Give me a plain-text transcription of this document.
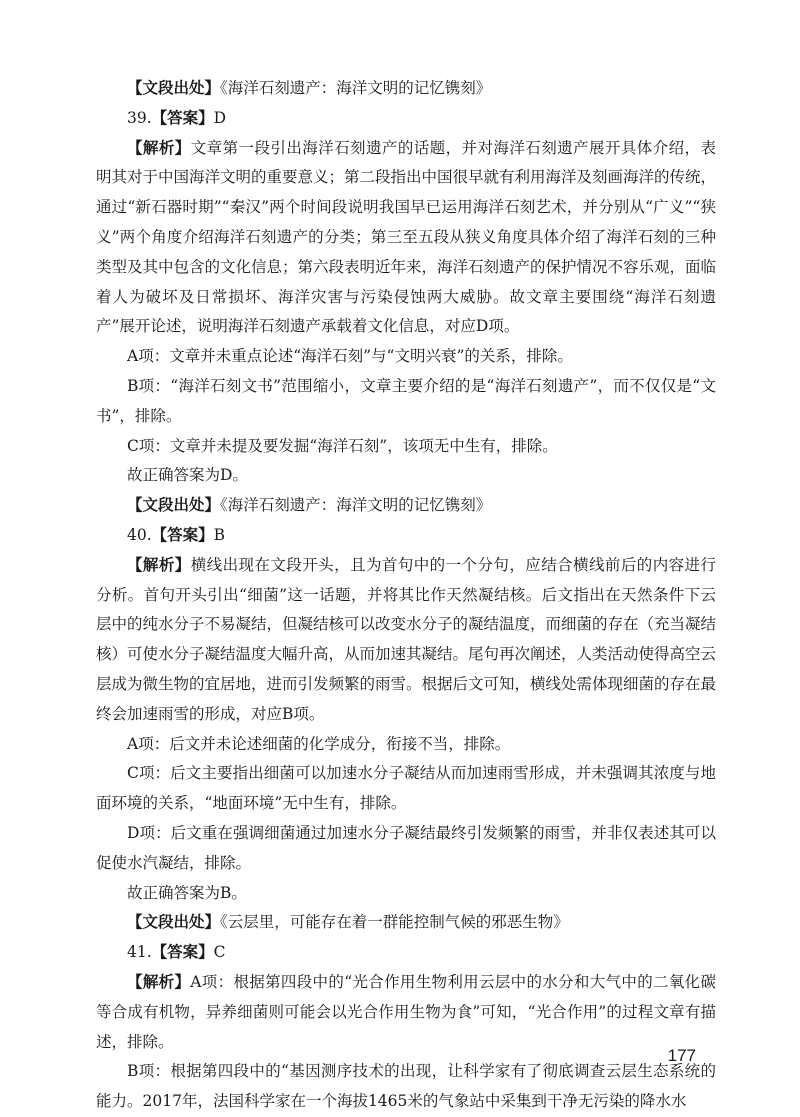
【文段出处】《海洋石刻遗产：海洋文明的记忆镌刻》

39.【答案】D

【解析】文章第一段引出海洋石刻遗产的话题，并对海洋石刻遗产展开具体介绍，表明其对于中国海洋文明的重要意义；第二段指出中国很早就有利用海洋及刻画海洋的传统，通过“新石器时期”“秦汉”两个时间段说明我国早已运用海洋石刻艺术，并分别从“广义”“狭义”两个角度介绍海洋石刻遗产的分类；第三至五段从狭义角度具体介绍了海洋石刻的三种类型及其中包含的文化信息；第六段表明近年来，海洋石刻遗产的保护情况不容乐观，面临着人为破坏及日常损坏、海洋灾害与污染侵蚀两大威胁。故文章主要围绕“海洋石刻遗产”展开论述，说明海洋石刻遗产承载着文化信息，对应D项。

A项：文章并未重点论述“海洋石刻”与“文明兴衰”的关系，排除。

B项：“海洋石刻文书”范围缩小，文章主要介绍的是“海洋石刻遗产”，而不仅仅是“文书”，排除。

C项：文章并未提及要发掘“海洋石刻”，该项无中生有，排除。

故正确答案为D。

【文段出处】《海洋石刻遗产：海洋文明的记忆镌刻》

40.【答案】B

【解析】横线出现在文段开头，且为首句中的一个分句，应结合横线前后的内容进行分析。首句开头引出“细菌”这一话题，并将其比作天然凝结核。后文指出在天然条件下云层中的纯水分子不易凝结，但凝结核可以改变水分子的凝结温度，而细菌的存在（充当凝结核）可使水分子凝结温度大幅升高，从而加速其凝结。尾句再次阐述，人类活动使得高空云层成为微生物的宜居地，进而引发频繁的雨雪。根据后文可知，横线处需体现细菌的存在最终会加速雨雪的形成，对应B项。

A项：后文并未论述细菌的化学成分，衔接不当，排除。

C项：后文主要指出细菌可以加速水分子凝结从而加速雨雪形成，并未强调其浓度与地面环境的关系，“地面环境”无中生有，排除。

D项：后文重在强调细菌通过加速水分子凝结最终引发频繁的雨雪，并非仅表述其可以促使水汽凝结，排除。

故正确答案为B。

【文段出处】《云层里，可能存在着一群能控制气候的邪恶生物》

41.【答案】C

【解析】A项：根据第四段中的“光合作用生物利用云层中的水分和大气中的二氧化碳等合成有机物，异养细菌则可能会以光合作用生物为食”可知，“光合作用”的过程文章有描述，排除。

B项：根据第四段中的“基因测序技术的出现，让科学家有了彻底调查云层生态系统的能力。2017年，法国科学家在一个海拔1465米的气象站中采集到干净无污染的降水水

177
